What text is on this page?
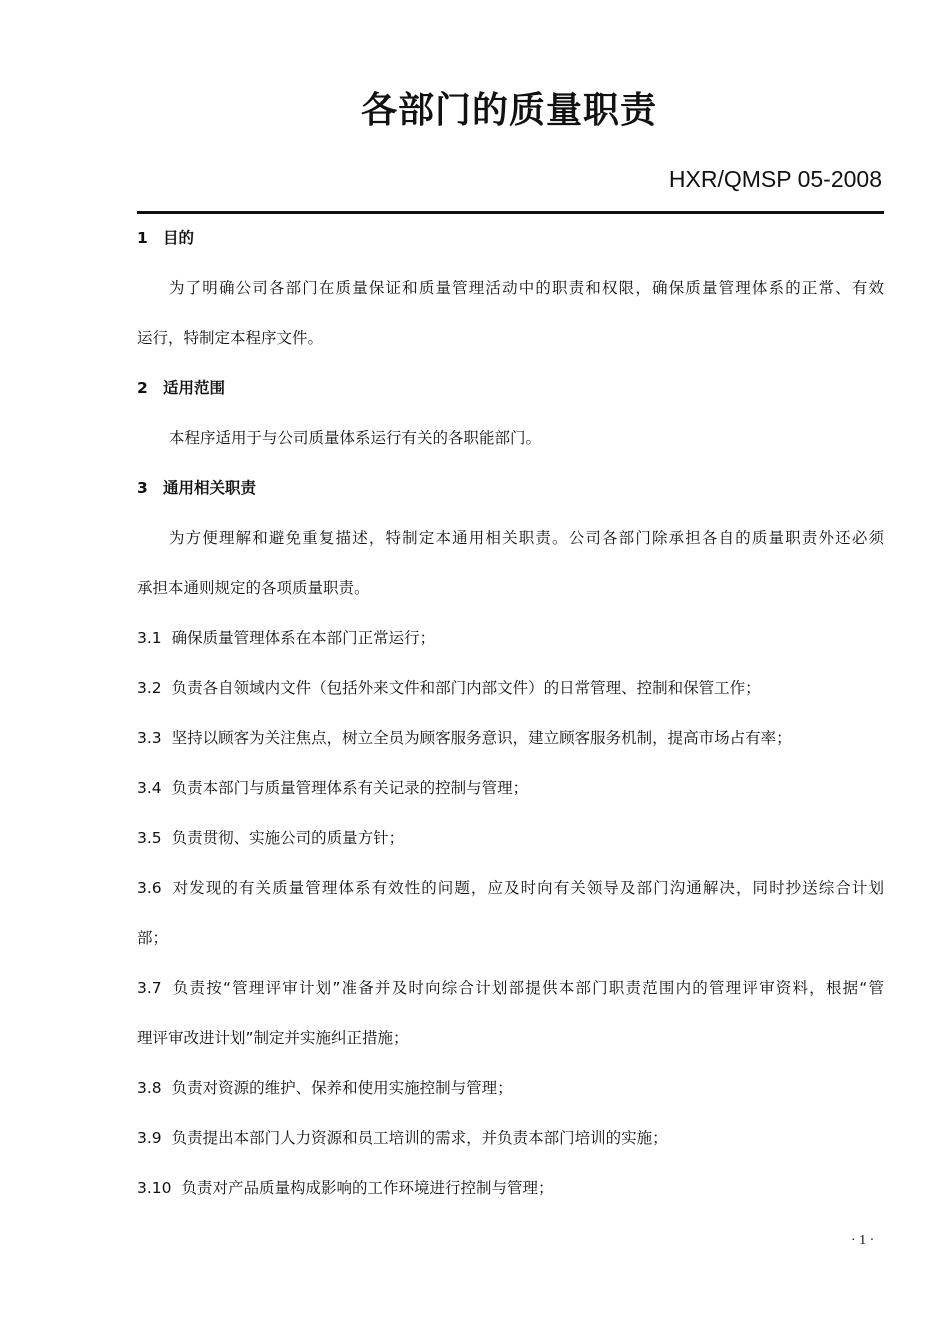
各部门的质量职责
HXR/QMSP 05-2008
1 目的
为了明确公司各部门在质量保证和质量管理活动中的职责和权限，确保质量管理体系的正常、有效
运行，特制定本程序文件。
2 适用范围
本程序适用于与公司质量体系运行有关的各职能部门。
3 通用相关职责
为方便理解和避免重复描述，特制定本通用相关职责。公司各部门除承担各自的质量职责外还必须
承担本通则规定的各项质量职责。
3.1 确保质量管理体系在本部门正常运行；
3.2 负责各自领域内文件（包括外来文件和部门内部文件）的日常管理、控制和保管工作；
3.3 坚持以顾客为关注焦点，树立全员为顾客服务意识，建立顾客服务机制，提高市场占有率；
3.4 负责本部门与质量管理体系有关记录的控制与管理；
3.5 负责贯彻、实施公司的质量方针；
3.6 对发现的有关质量管理体系有效性的问题，应及时向有关领导及部门沟通解决，同时抄送综合计划
部；
3.7 负责按“管理评审计划”准备并及时向综合计划部提供本部门职责范围内的管理评审资料，根据“管
理评审改进计划”制定并实施纠正措施；
3.8 负责对资源的维护、保养和使用实施控制与管理；
3.9 负责提出本部门人力资源和员工培训的需求，并负责本部门培训的实施；
3.10 负责对产品质量构成影响的工作环境进行控制与管理；
· 1 ·
